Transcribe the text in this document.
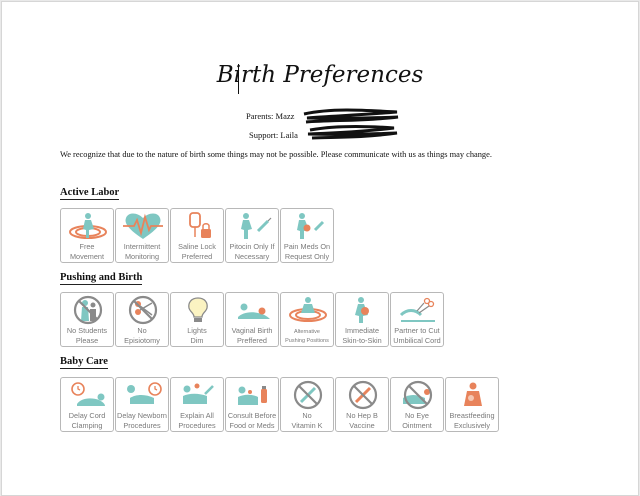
Birth Preferences
Parents: Mazz
Support: Laila
We recognize that due to the nature of birth some things may not be possible. Please communicate with us as things may change.
Active Labor
Free
Movement
Intermittent
Monitoring
Saline Lock
Preferred
Pitocin Only If
Necessary
Pain Meds On
Request Only
Pushing and Birth
No Students
Please
No
Episiotomy
Lights
Dim
Vaginal Birth
Preffered
Alternative
Pushing Positions
Immediate
Skin-to-Skin
Partner to Cut
Umbilical Cord
Baby Care
Delay Cord
Clamping
Delay Newborn
Procedures
Explain All
Procedures
Consult Before
Food or Meds
No
Vitamin K
No Hep B
Vaccine
No Eye
Ointment
Breastfeeding
Exclusively
